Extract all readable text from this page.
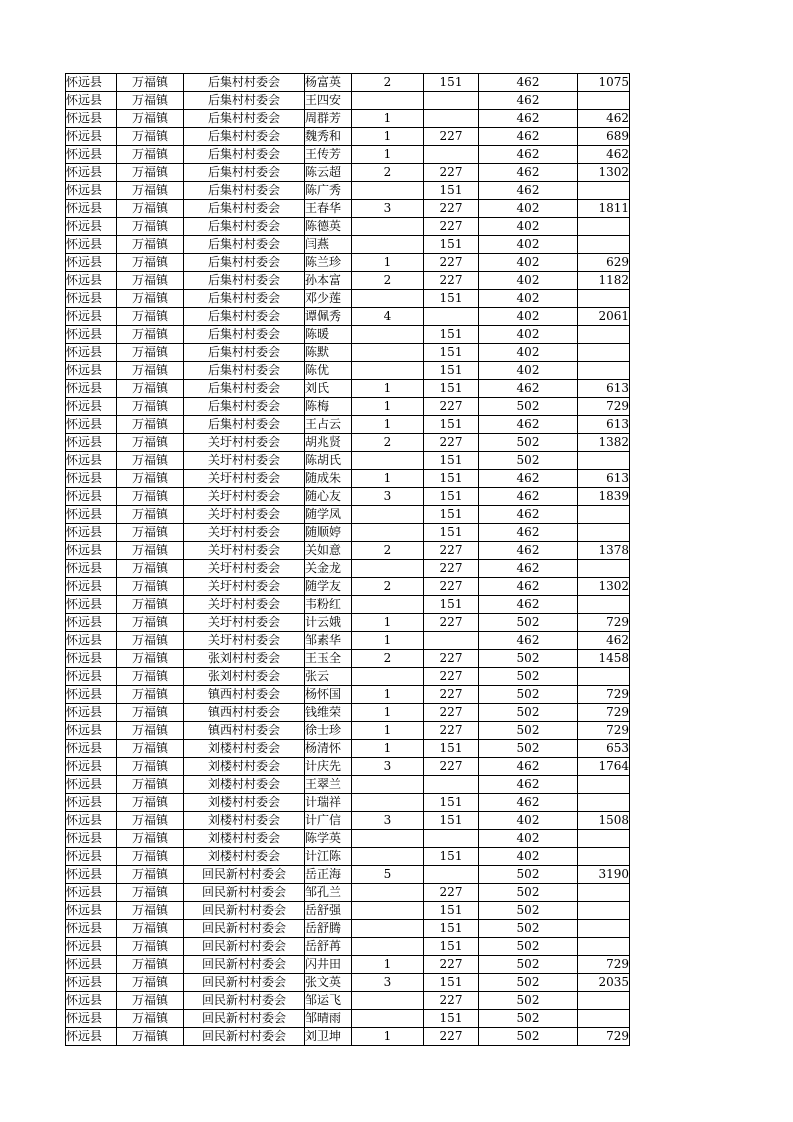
怀远县	万福镇	后集村村委会	杨富英	2	151	462	1075
怀远县	万福镇	后集村村委会	王四安			462	
怀远县	万福镇	后集村村委会	周群芳	1		462	462
怀远县	万福镇	后集村村委会	魏秀和	1	227	462	689
怀远县	万福镇	后集村村委会	王传芳	1		462	462
怀远县	万福镇	后集村村委会	陈云超	2	227	462	1302
怀远县	万福镇	后集村村委会	陈广秀		151	462	
怀远县	万福镇	后集村村委会	王春华	3	227	402	1811
怀远县	万福镇	后集村村委会	陈德英		227	402	
怀远县	万福镇	后集村村委会	闫燕		151	402	
怀远县	万福镇	后集村村委会	陈兰珍	1	227	402	629
怀远县	万福镇	后集村村委会	孙本富	2	227	402	1182
怀远县	万福镇	后集村村委会	邓少莲		151	402	
怀远县	万福镇	后集村村委会	谭佩秀	4		402	2061
怀远县	万福镇	后集村村委会	陈暖		151	402	
怀远县	万福镇	后集村村委会	陈默		151	402	
怀远县	万福镇	后集村村委会	陈优		151	402	
怀远县	万福镇	后集村村委会	刘氏	1	151	462	613
怀远县	万福镇	后集村村委会	陈梅	1	227	502	729
怀远县	万福镇	后集村村委会	王占云	1	151	462	613
怀远县	万福镇	关圩村村委会	胡兆贤	2	227	502	1382
怀远县	万福镇	关圩村村委会	陈胡氏		151	502	
怀远县	万福镇	关圩村村委会	随成朱	1	151	462	613
怀远县	万福镇	关圩村村委会	随心友	3	151	462	1839
怀远县	万福镇	关圩村村委会	随学凤		151	462	
怀远县	万福镇	关圩村村委会	随顺婷		151	462	
怀远县	万福镇	关圩村村委会	关如意	2	227	462	1378
怀远县	万福镇	关圩村村委会	关金龙		227	462	
怀远县	万福镇	关圩村村委会	随学友	2	227	462	1302
怀远县	万福镇	关圩村村委会	韦粉红		151	462	
怀远县	万福镇	关圩村村委会	计云娥	1	227	502	729
怀远县	万福镇	关圩村村委会	邹素华	1		462	462
怀远县	万福镇	张刘村村委会	王玉全	2	227	502	1458
怀远县	万福镇	张刘村村委会	张云		227	502	
怀远县	万福镇	镇西村村委会	杨怀国	1	227	502	729
怀远县	万福镇	镇西村村委会	钱维荣	1	227	502	729
怀远县	万福镇	镇西村村委会	徐士珍	1	227	502	729
怀远县	万福镇	刘楼村村委会	杨清怀	1	151	502	653
怀远县	万福镇	刘楼村村委会	计庆先	3	227	462	1764
怀远县	万福镇	刘楼村村委会	王翠兰			462	
怀远县	万福镇	刘楼村村委会	计瑞祥		151	462	
怀远县	万福镇	刘楼村村委会	计广信	3	151	402	1508
怀远县	万福镇	刘楼村村委会	陈学英			402	
怀远县	万福镇	刘楼村村委会	计江陈		151	402	
怀远县	万福镇	回民新村村委会	岳正海	5		502	3190
怀远县	万福镇	回民新村村委会	邹孔兰		227	502	
怀远县	万福镇	回民新村村委会	岳舒强		151	502	
怀远县	万福镇	回民新村村委会	岳舒腾		151	502	
怀远县	万福镇	回民新村村委会	岳舒苒		151	502	
怀远县	万福镇	回民新村村委会	闪井田	1	227	502	729
怀远县	万福镇	回民新村村委会	张文英	3	151	502	2035
怀远县	万福镇	回民新村村委会	邹运飞		227	502	
怀远县	万福镇	回民新村村委会	邹晴雨		151	502	
怀远县	万福镇	回民新村村委会	刘卫坤	1	227	502	729
